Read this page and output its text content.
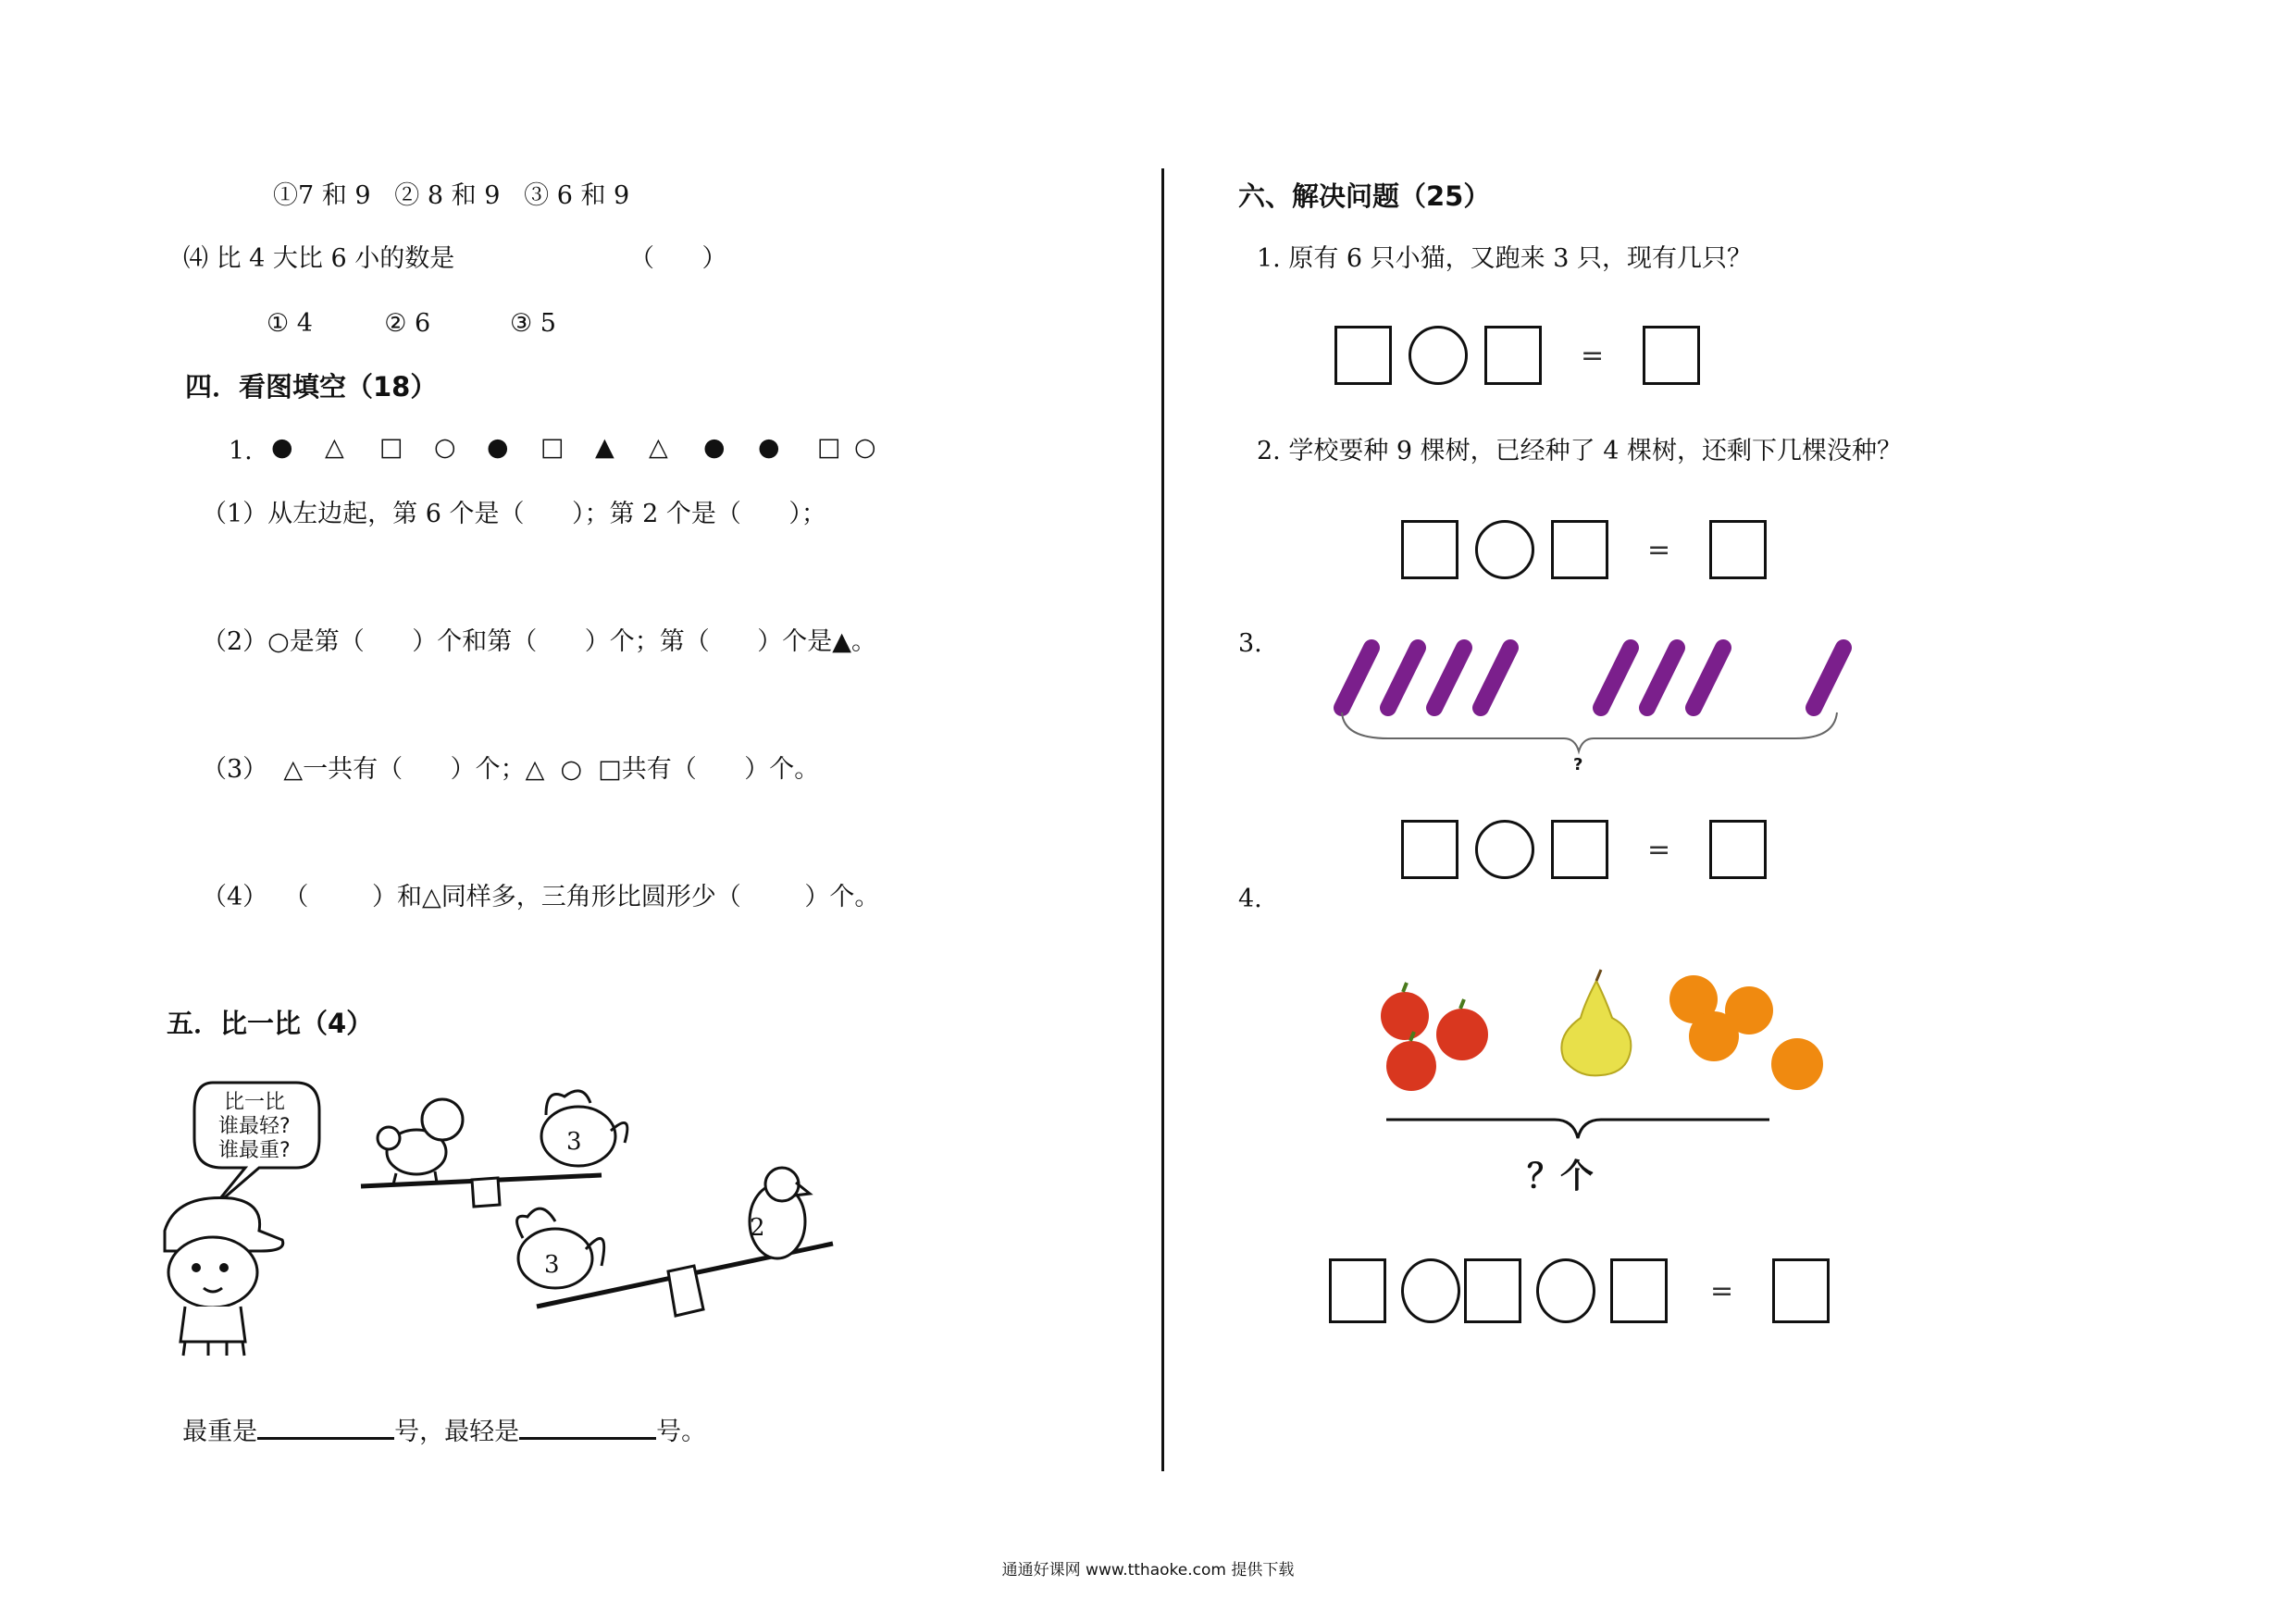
①7 和 9   ② 8 和 9   ③ 6 和 9
⑷ 比 4 大比 6 小的数是	（      ）
① 4         ② 6          ③ 5
四．看图填空（18）
1. ● △ □ ○ ● □ ▲ △ ● ● □ ○
（1）从左边起，第 6 个是（      ）；第 2 个是（      ）；
（2）○是第（      ）个和第（      ）个；第（      ）个是▲。
（3）  △一共有（      ）个；△  ○  □共有（      ）个。
（4）  （        ）和△同样多，三角形比圆形少（        ）个。
五．比一比（4）
比一比
谁最轻?
谁最重?	3
3
2

最重是	号，最轻是	号。

六、解决问题（25）
1. 原有 6 只小猫，又跑来 3 只，现有几只？
=
2. 学校要种 9 棵树，已经种了 4 棵树，还剩下几棵没种？
=
3.
?
=
4.
？个
=
通通好课网 www.tthaoke.com 提供下载
